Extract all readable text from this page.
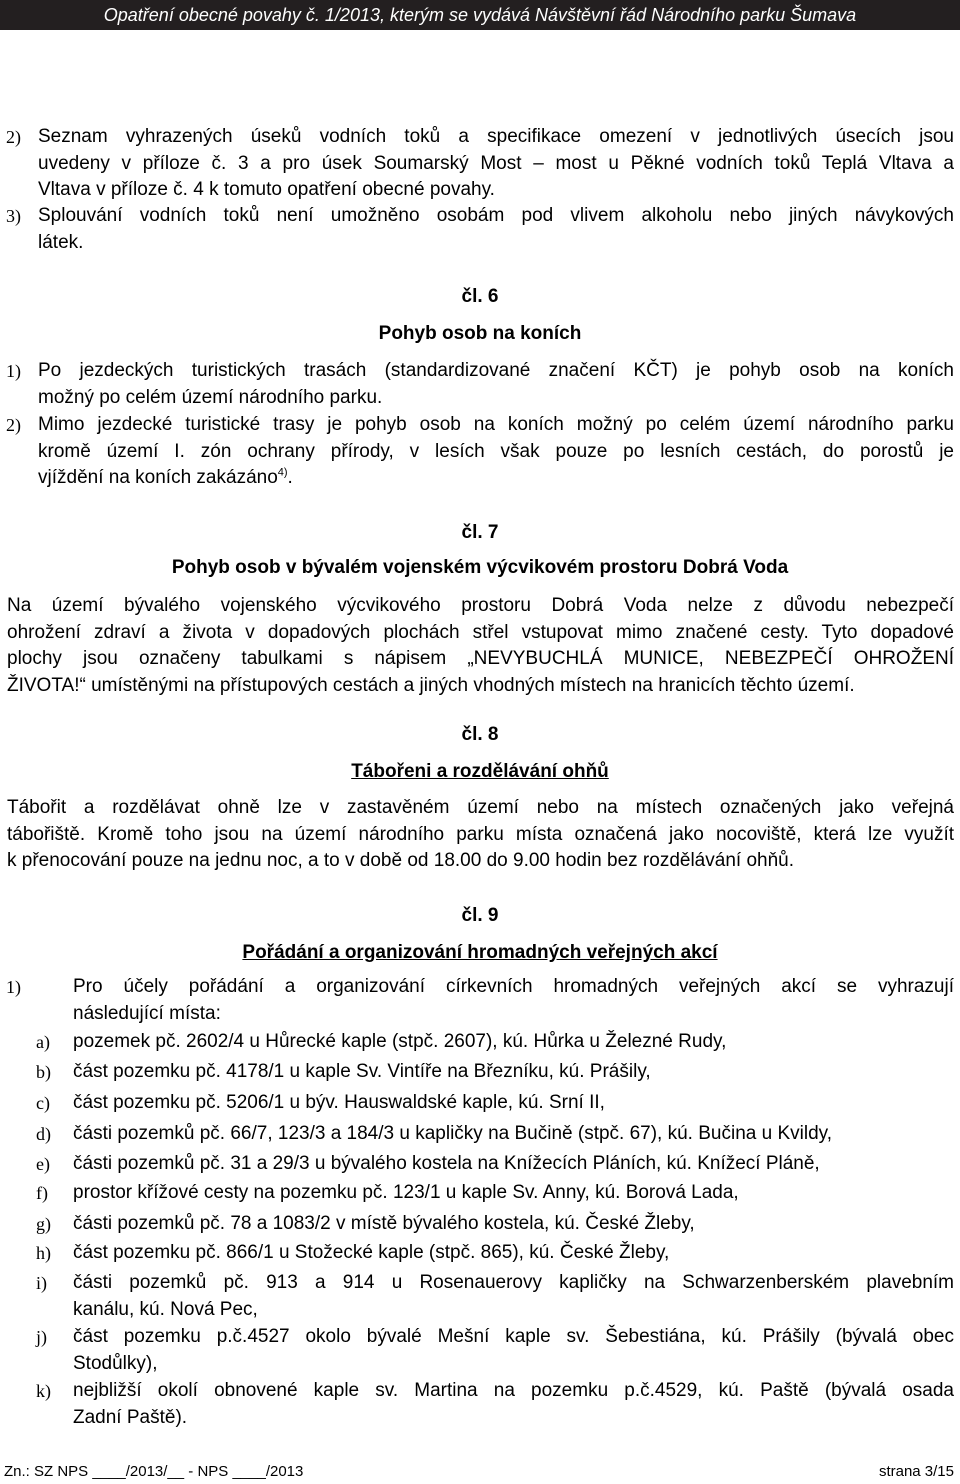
Opatření obecné povahy č. 1/2013, kterým se vydává Návštěvní řád Národního parku Šumava
2) Seznam vyhrazených úseků vodních toků a specifikace omezení v jednotlivých úsecích jsou
uvedeny v příloze č. 3 a pro úsek Soumarský Most – most u Pěkné vodních toků Teplá Vltava a
Vltava v příloze č. 4 k tomuto opatření obecné povahy.
3) Splouvání vodních toků není umožněno osobám pod vlivem alkoholu nebo jiných návykových
látek.
čl. 6
Pohyb osob na koních
1) Po jezdeckých turistických trasách (standardizované značení KČT) je pohyb osob na koních
možný po celém území národního parku.
2) Mimo jezdecké turistické trasy je pohyb osob na koních možný po celém území národního parku
kromě území I. zón ochrany přírody, v lesích však pouze po lesních cestách, do porostů je
vjíždění na koních zakázáno$^{4)}$.
čl. 7
Pohyb osob v bývalém vojenském výcvikovém prostoru Dobrá Voda
Na území bývalého vojenského výcvikového prostoru Dobrá Voda nelze z důvodu nebezpečí
ohrožení zdraví a života v dopadových plochách střel vstupovat mimo značené cesty. Tyto dopadové
plochy jsou označeny tabulkami s nápisem „NEVYBUCHLÁ MUNICE, NEBEZPEČÍ OHROŽENÍ
ŽIVOTA!“ umístěnými na přístupových cestách a jiných vhodných místech na hranicích těchto území.
čl. 8
Tábořeni a rozdělávání ohňů
Tábořit a rozdělávat ohně lze v zastavěném území nebo na místech označených jako veřejná
tábořiště. Kromě toho jsou na území národního parku místa označená jako nocoviště, která lze využít
k přenocování pouze na jednu noc, a to v době od 18.00 do 9.00 hodin bez rozdělávání ohňů.
čl. 9
Pořádání a organizování hromadných veřejných akcí
1)	Pro účely pořádání a organizování církevních hromadných veřejných akcí se vyhrazují
následující místa:
a) pozemek pč. 2602/4 u Hůrecké kaple (stpč. 2607), kú. Hůrka u Železné Rudy,
b) část pozemku pč. 4178/1 u kaple Sv. Vintíře na Březníku, kú. Prášily,
c) část pozemku pč. 5206/1 u býv. Hauswaldské kaple, kú. Srní II,
d) části pozemků pč. 66/7, 123/3 a 184/3 u kapličky na Bučině (stpč. 67), kú. Bučina u Kvildy,
e) části pozemků pč. 31 a 29/3 u bývalého kostela na Knížecích Pláních, kú. Knížecí Pláně,
f) prostor křížové cesty na pozemku pč. 123/1 u kaple Sv. Anny, kú. Borová Lada,
g) části pozemků pč. 78 a 1083/2 v místě bývalého kostela, kú. České Žleby,
h) část pozemku pč. 866/1 u Stožecké kaple (stpč. 865), kú. České Žleby,
i) části pozemků pč. 913 a 914 u Rosenauerovy kapličky na Schwarzenberském plavebním
kanálu, kú. Nová Pec,
j) část pozemku p.č.4527 okolo bývalé Mešní kaple sv. Šebestiána, kú. Prášily (bývalá obec
Stodůlky),
k) nejbližší okolí obnovené kaple sv. Martina na pozemku p.č.4529, kú. Paště (bývalá osada
Zadní Paště).
Zn.: SZ NPS ____/2013/__ - NPS ____/2013	strana 3/15
